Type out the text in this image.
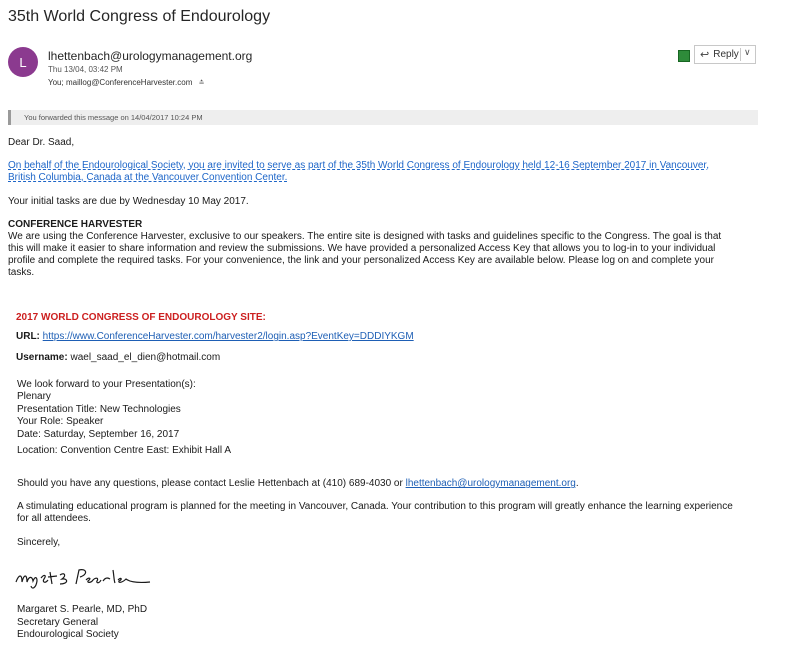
35th World Congress of Endourology
L	lhettenbach@urologymanagement.org
Thu 13/04, 03:42 PM
You; maillog@ConferenceHarvester.com ≛
↩ Reply ∨
You forwarded this message on 14/04/2017 10:24 PM
Dear Dr. Saad,
On behalf of the Endourological Society, you are invited to serve as part of the 35th World Congress of Endourology held 12-16 September 2017 in Vancouver,
British Columbia, Canada at the Vancouver Convention Center.
Your initial tasks are due by Wednesday 10 May 2017.
CONFERENCE HARVESTER
We are using the Conference Harvester, exclusive to our speakers. The entire site is designed with tasks and guidelines specific to the Congress. The goal is that
this will make it easier to share information and review the submissions. We have provided a personalized Access Key that allows you to log-in to your individual
profile and complete the required tasks. For your convenience, the link and your personalized Access Key are available below. Please log on and complete your
tasks.
2017 WORLD CONGRESS OF ENDOUROLOGY SITE:
URL: https://www.ConferenceHarvester.com/harvester2/login.asp?EventKey=DDDIYKGM
Username: wael_saad_el_dien@hotmail.com
We look forward to your Presentation(s):
Plenary
Presentation Title: New Technologies
Your Role: Speaker
Date: Saturday, September 16, 2017
Location: Convention Centre East: Exhibit Hall A
Should you have any questions, please contact Leslie Hettenbach at (410) 689-4030 or lhettenbach@urologymanagement.org.
A stimulating educational program is planned for the meeting in Vancouver, Canada. Your contribution to this program will greatly enhance the learning experience
for all attendees.
Sincerely,
Margaret S. Pearle, MD, PhD
Secretary General
Endourological Society
